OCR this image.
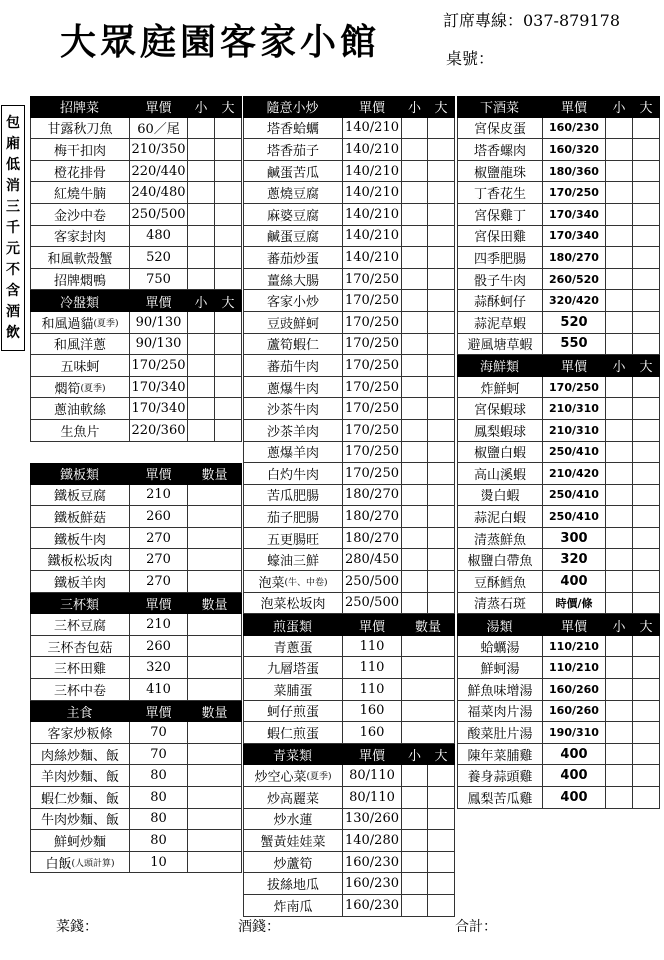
大眾庭園客家小館
訂席專線：037-879178
桌號：
包
廂
低
消
三
千
元
不
含
酒
飲
招牌菜	單價	小	大
甘露秋刀魚	60／尾
梅干扣肉	210/350
橙花排骨	220/440
紅燒牛腩	240/480
金沙中卷	250/500
客家封肉	480
和風軟殼蟹	520
招牌燜鴨	750
冷盤類	單價	小	大
和風過貓 (夏季)	90/130
和風洋蔥	90/130
五味蚵	170/250
燜筍 (夏季) 170/340
蔥油軟絲	170/340
生魚片	220/360
鐵板類	單價	數量
鐵板豆腐	210
鐵板鮮菇	260
鐵板牛肉	270
鐵板松坂肉	270
鐵板羊肉	270
三杯類	單價	數量
三杯豆腐	210
三杯杏包菇	260
三杯田雞	320
三杯中卷	410
主食	單價	數量
客家炒粄條	70
肉絲炒麵、飯	70
羊肉炒麵、飯	80
蝦仁炒麵、飯	80
牛肉炒麵、飯	80
鮮蚵炒麵	80
白飯 (人頭計算)	10
隨意小炒	單價	小	大
塔香蛤蠣	140/210
塔香茄子	140/210
鹹蛋苦瓜	140/210
蔥燒豆腐	140/210
麻婆豆腐	140/210
鹹蛋豆腐	140/210
蕃茄炒蛋	140/210
薑絲大腸	170/250
客家小炒	170/250
豆豉鮮蚵	170/250
蘆筍蝦仁	170/250
蕃茄牛肉	170/250
蔥爆牛肉	170/250
沙茶牛肉	170/250
沙茶羊肉	170/250
蔥爆羊肉	170/250
白灼牛肉	170/250
苦瓜肥腸	180/270
茄子肥腸	180/270
五更腸旺	180/270
蠔油三鮮	280/450
泡菜 (牛、中卷) 250/500
泡菜松坂肉	250/500
煎蛋類	單價	數量
青蔥蛋	110
九層塔蛋	110
菜脯蛋	110
蚵仔煎蛋	160
蝦仁煎蛋	160
青菜類	單價	小	大
炒空心菜 (夏季)	80/110
炒高麗菜	80/110
炒水蓮	130/260
蟹黃娃娃菜	140/280
炒蘆筍	160/230
拔絲地瓜	160/230
炸南瓜	160/230
下酒菜	單價	小	大
宮保皮蛋	160/230
塔香螺肉	160/320
椒鹽龍珠	180/360
丁香花生	170/250
宮保雞丁	170/340
宮保田雞	170/340
四季肥腸	180/270
骰子牛肉	260/520
蒜酥蚵仔	320/420
蒜泥草蝦	520
避風塘草蝦	550
海鮮類	單價	小	大
炸鮮蚵	170/250
宮保蝦球	210/310
鳳梨蝦球	210/310
椒鹽白蝦	250/410
高山溪蝦	210/420
燙白蝦	250/410
蒜泥白蝦	250/410
清蒸鮮魚	300
椒鹽白帶魚	320
豆酥鱈魚	400
清蒸石斑	時價/條
湯類	單價	小	大
蛤蠣湯	110/210
鮮蚵湯	110/210
鮮魚味增湯	160/260
福菜肉片湯	160/260
酸菜肚片湯	190/310
陳年菜脯雞	400
養身蒜頭雞	400
鳳梨苦瓜雞	400
菜錢：	酒錢：	合計：
